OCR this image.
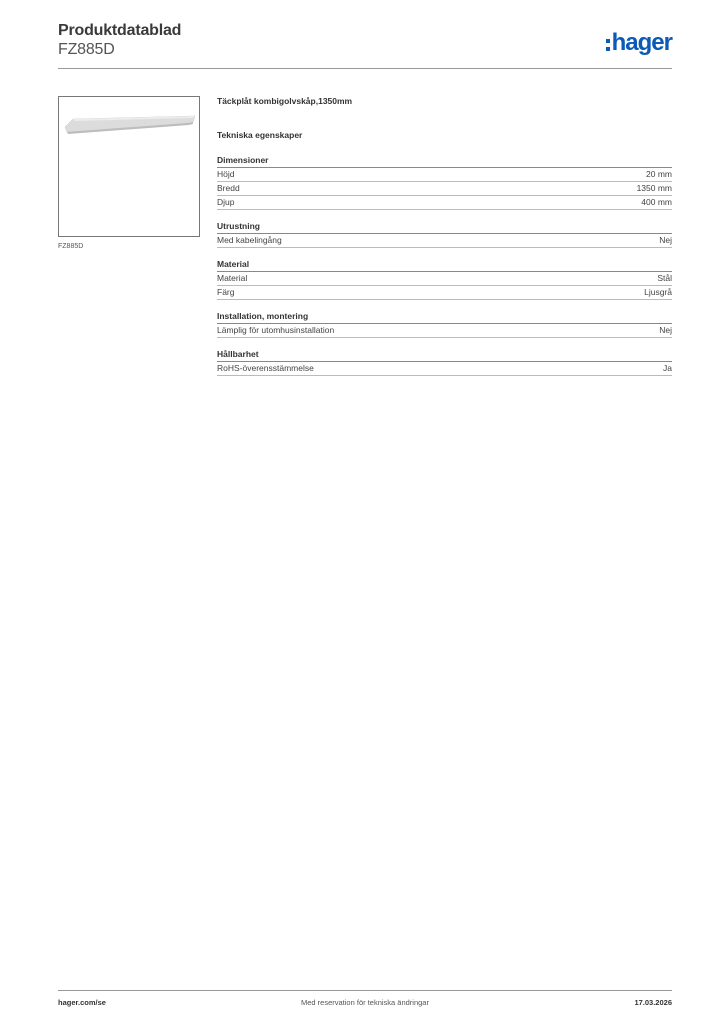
Produktdatablad
FZ885D	hager
FZ885D
Täckplåt kombigolvskåp,1350mm
Tekniska egenskaper
Dimensioner
Höjd	20 mm
Bredd	1350 mm
Djup	400 mm
Utrustning
Med kabelingång	Nej
Material
Material	Stål
Färg	Ljusgrå
Installation, montering
Lämplig för utomhusinstallation	Nej
Hållbarhet
RoHS-överensstämmelse	Ja
hager.com/se	Med reservation för tekniska ändringar	17.03.2026
